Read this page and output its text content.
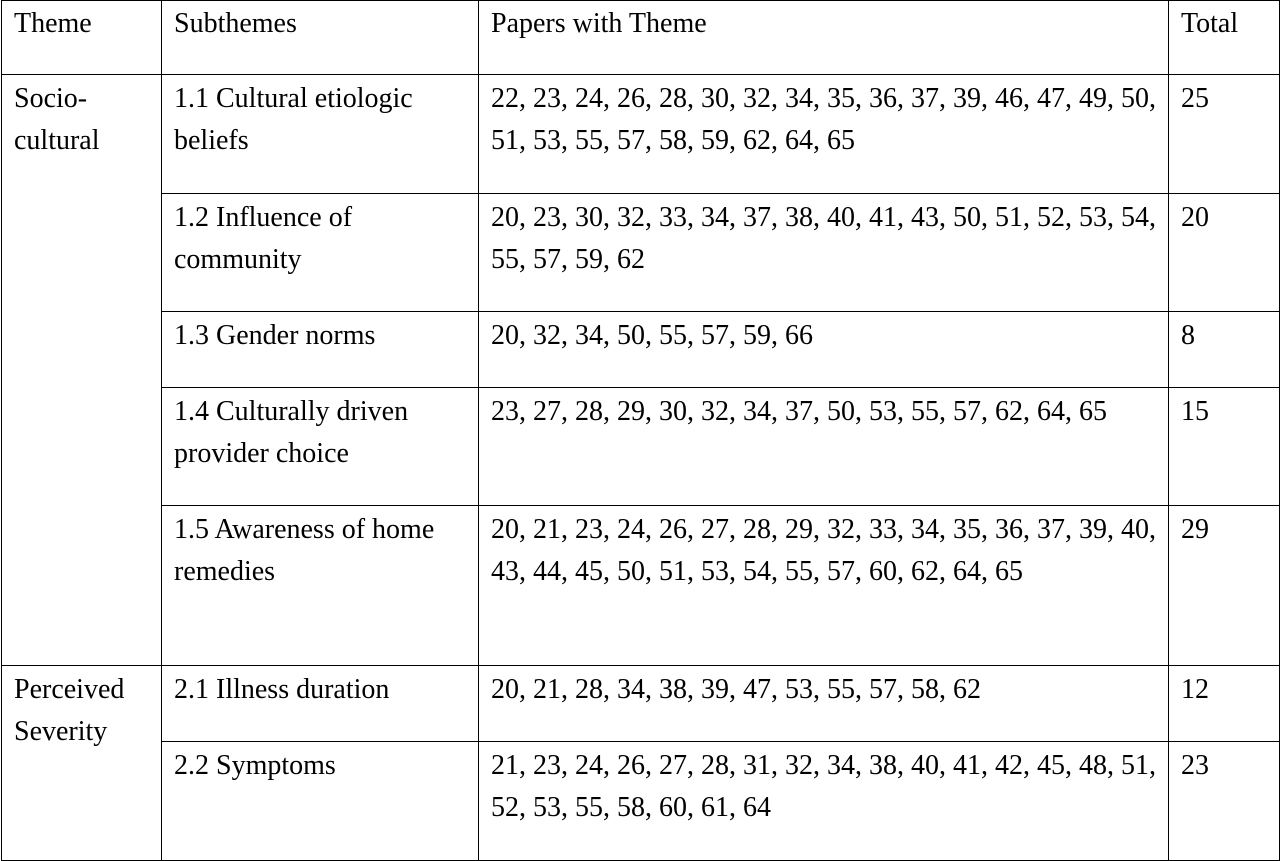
Theme	Subthemes	Papers with Theme	Total
Socio-cultural	1.1 Cultural etiologic beliefs	22, 23, 24, 26, 28, 30, 32, 34, 35, 36, 37, 39, 46, 47, 49, 50, 51, 53, 55, 57, 58, 59, 62, 64, 65	25
	1.2 Influence of community	20, 23, 30, 32, 33, 34, 37, 38, 40, 41, 43, 50, 51, 52, 53, 54, 55, 57, 59, 62	20
	1.3 Gender norms	20, 32, 34, 50, 55, 57, 59, 66	8
	1.4 Culturally driven provider choice	23, 27, 28, 29, 30, 32, 34, 37, 50, 53, 55, 57, 62, 64, 65	15
	1.5 Awareness of home remedies	20, 21, 23, 24, 26, 27, 28, 29, 32, 33, 34, 35, 36, 37, 39, 40, 43, 44, 45, 50, 51, 53, 54, 55, 57, 60, 62, 64, 65	29
Perceived Severity	2.1 Illness duration	20, 21, 28, 34, 38, 39, 47, 53, 55, 57, 58, 62	12
	2.2 Symptoms	21, 23, 24, 26, 27, 28, 31, 32, 34, 38, 40, 41, 42, 45, 48, 51, 52, 53, 55, 58, 60, 61, 64	23
